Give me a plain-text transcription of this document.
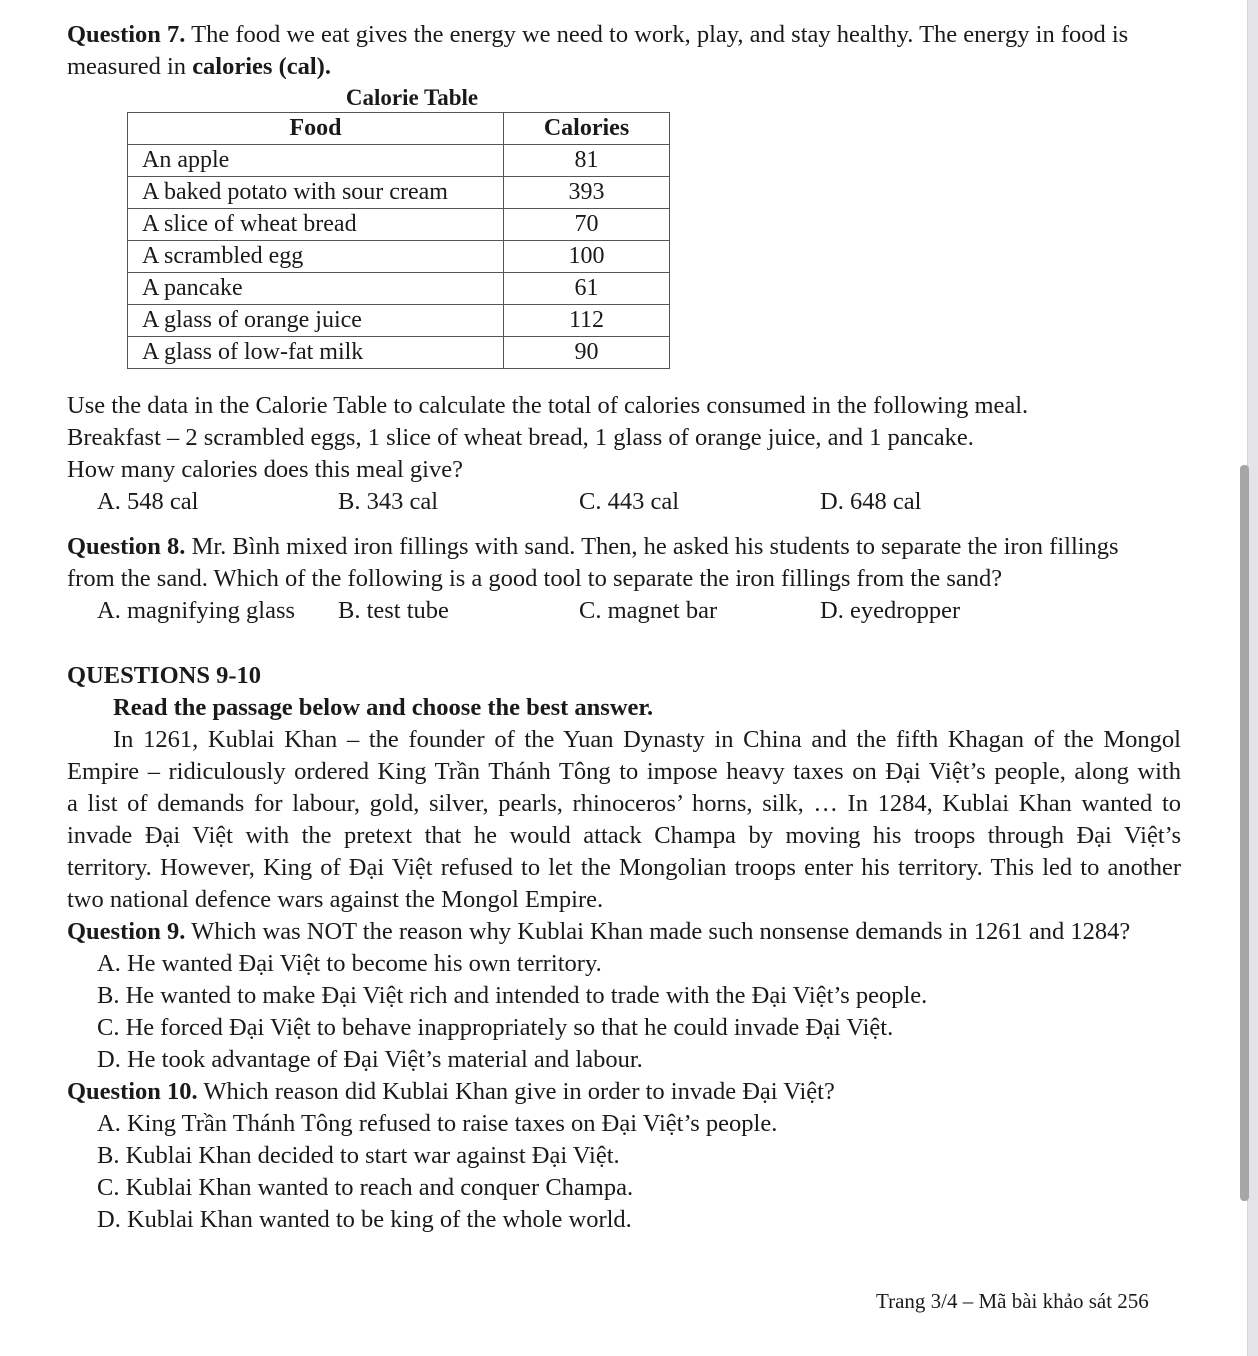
Question 7. The food we eat gives the energy we need to work, play, and stay healthy. The energy in food is
measured in calories (cal).
Calorie Table
Food	Calories
An apple	81
A baked potato with sour cream	393
A slice of wheat bread	70
A scrambled egg	100
A pancake	61
A glass of orange juice	112
A glass of low-fat milk	90
Use the data in the Calorie Table to calculate the total of calories consumed in the following meal.
Breakfast – 2 scrambled eggs, 1 slice of wheat bread, 1 glass of orange juice, and 1 pancake.
How many calories does this meal give?
A. 548 cal	B. 343 cal	C. 443 cal	D. 648 cal
Question 8. Mr. Bình mixed iron fillings with sand. Then, he asked his students to separate the iron fillings
from the sand. Which of the following is a good tool to separate the iron fillings from the sand?
A. magnifying glass B. test tube	C. magnet bar	D. eyedropper
QUESTIONS 9-10
Read the passage below and choose the best answer.
In 1261, Kublai Khan – the founder of the Yuan Dynasty in China and the fifth Khagan of the Mongol
Empire – ridiculously ordered King Trần Thánh Tông to impose heavy taxes on Đại Việt’s people, along with
a list of demands for labour, gold, silver, pearls, rhinoceros’ horns, silk, … In 1284, Kublai Khan wanted to
invade Đại Việt with the pretext that he would attack Champa by moving his troops through Đại Việt’s
territory. However, King of Đại Việt refused to let the Mongolian troops enter his territory. This led to another
two national defence wars against the Mongol Empire.
Question 9. Which was NOT the reason why Kublai Khan made such nonsense demands in 1261 and 1284?
A. He wanted Đại Việt to become his own territory.
B. He wanted to make Đại Việt rich and intended to trade with the Đại Việt’s people.
C. He forced Đại Việt to behave inappropriately so that he could invade Đại Việt.
D. He took advantage of Đại Việt’s material and labour.
Question 10. Which reason did Kublai Khan give in order to invade Đại Việt?
A. King Trần Thánh Tông refused to raise taxes on Đại Việt’s people.
B. Kublai Khan decided to start war against Đại Việt.
C. Kublai Khan wanted to reach and conquer Champa.
D. Kublai Khan wanted to be king of the whole world.
Trang 3/4 – Mã bài khảo sát 256
